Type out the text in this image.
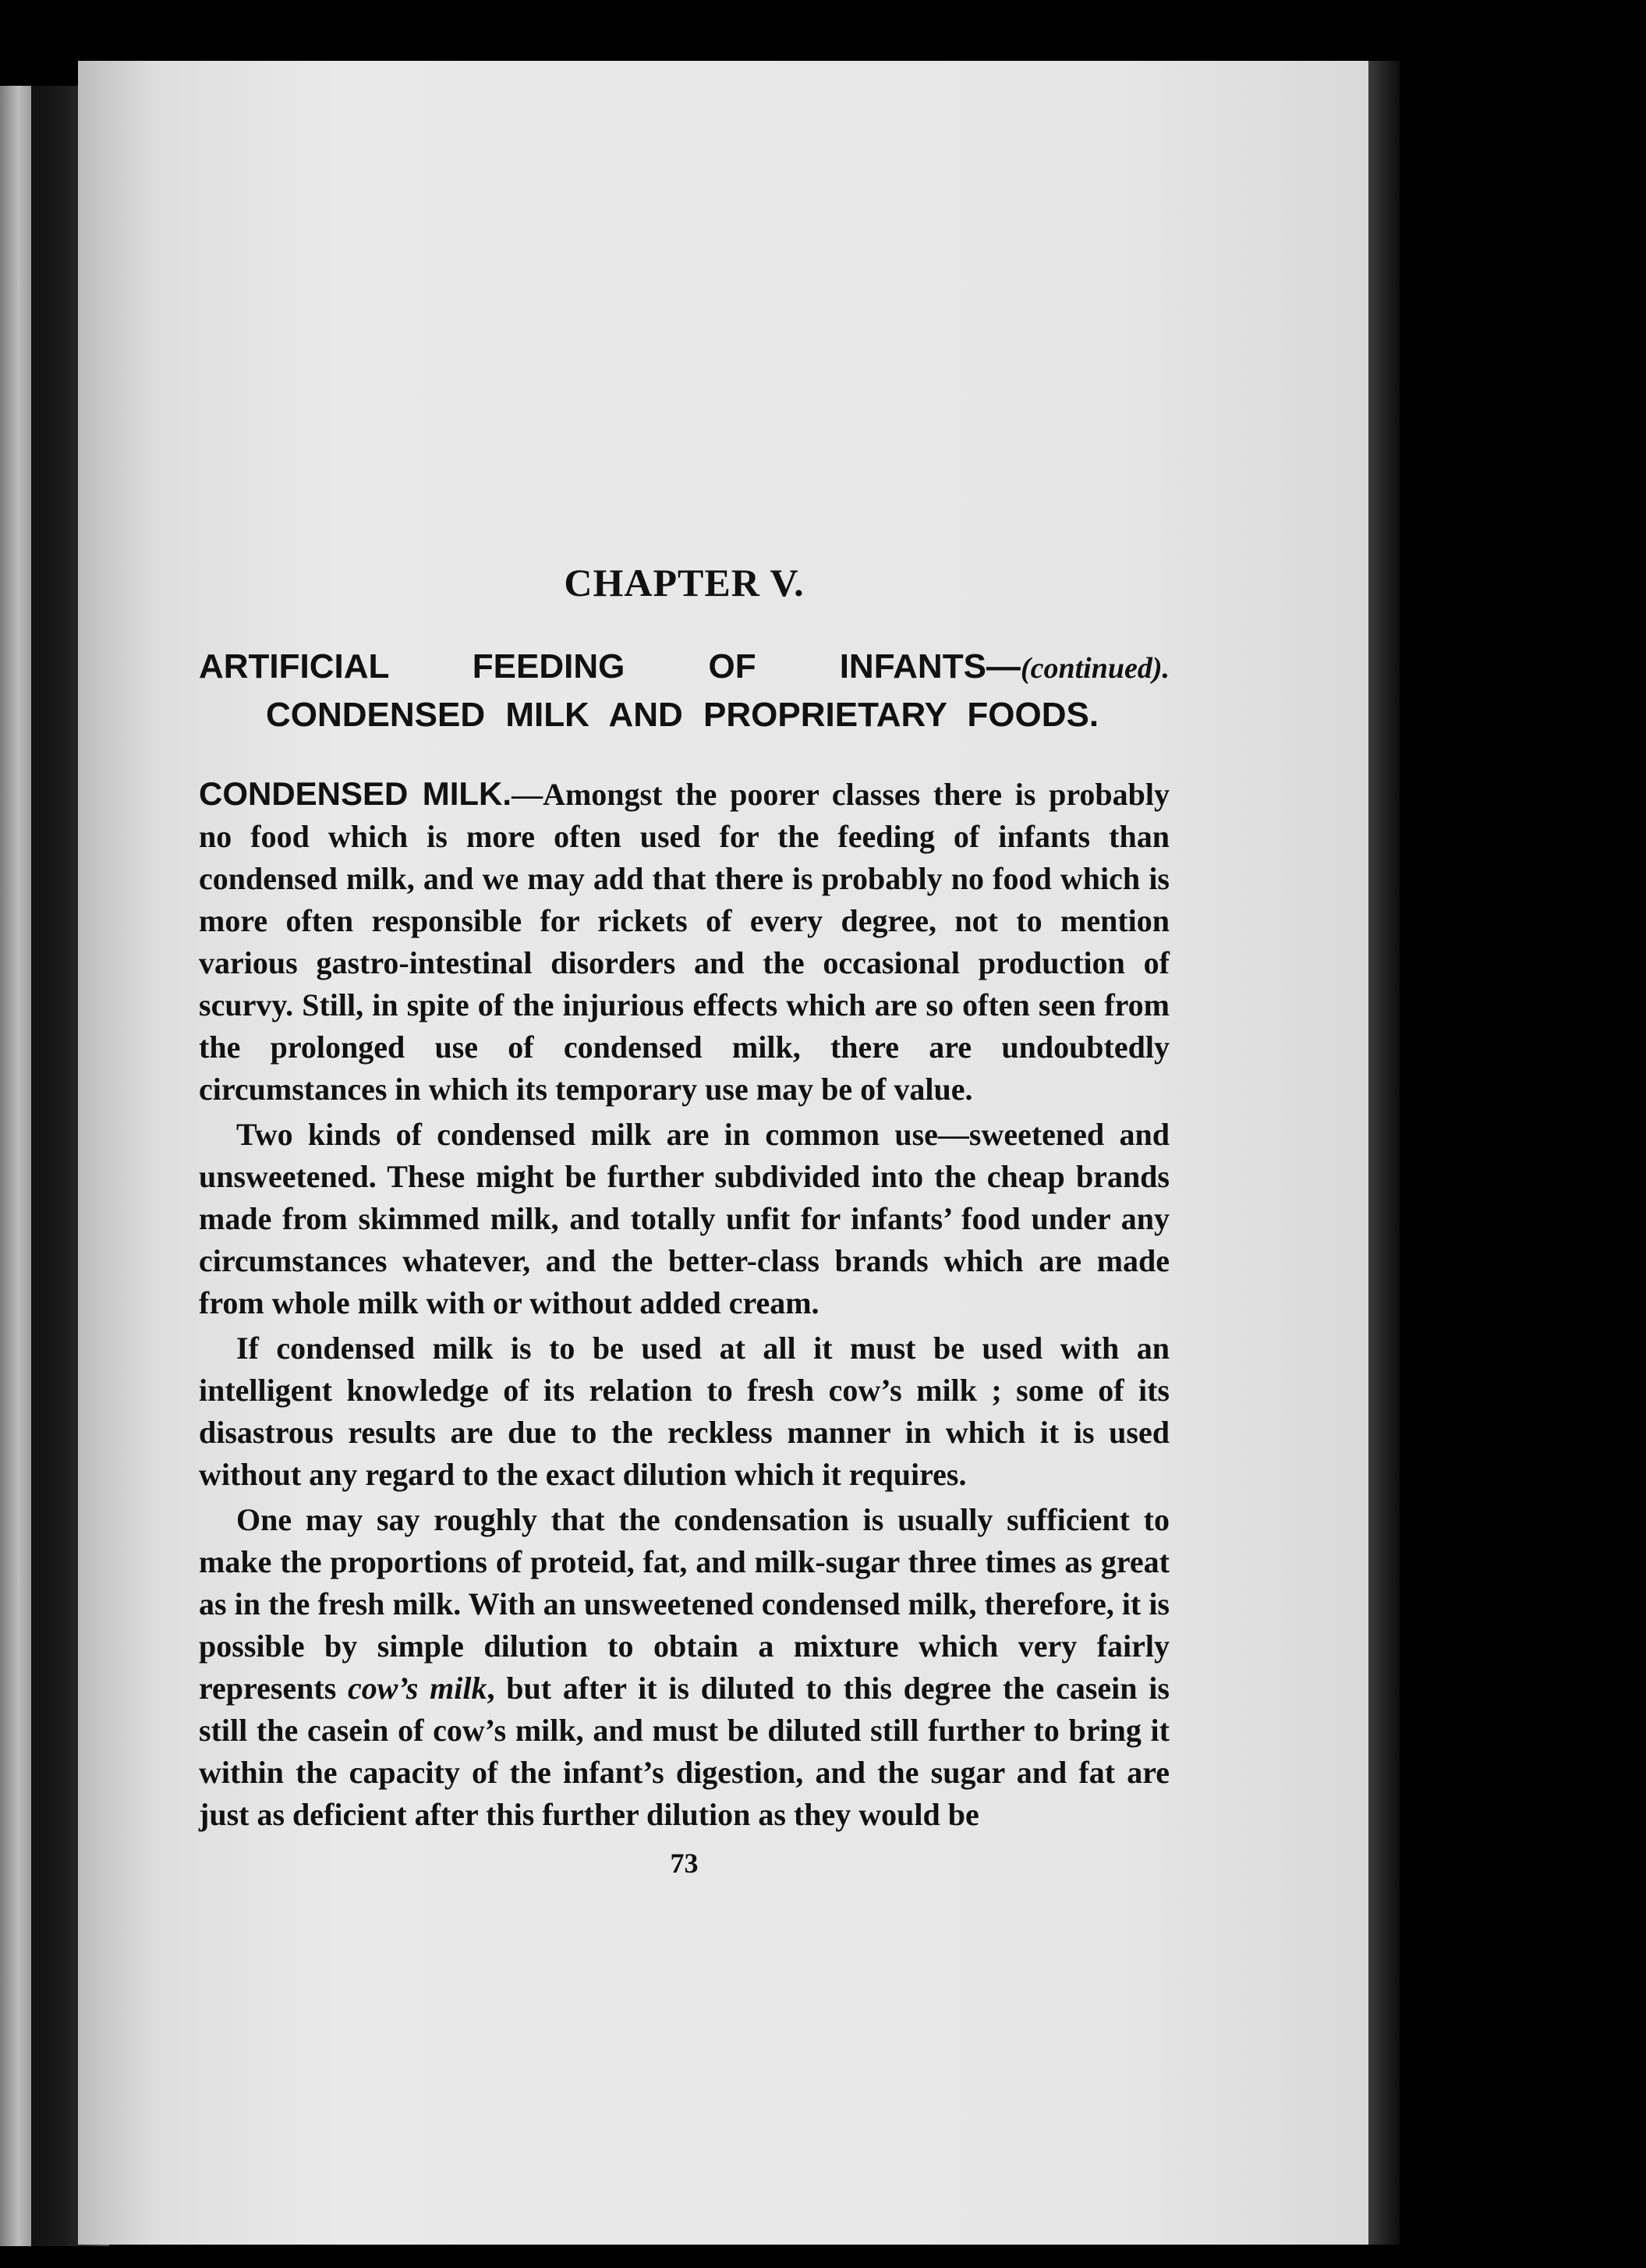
CHAPTER V.
ARTIFICIAL FEEDING OF INFANTS—(continued). CONDENSED MILK AND PROPRIETARY FOODS.

CONDENSED MILK.—Amongst the poorer classes there is probably no food which is more often used for the feeding of infants than condensed milk, and we may add that there is probably no food which is more often responsible for rickets of every degree, not to mention various gastro-intestinal disorders and the occasional production of scurvy. Still, in spite of the injurious effects which are so often seen from the prolonged use of condensed milk, there are undoubtedly circumstances in which its temporary use may be of value.

Two kinds of condensed milk are in common use—sweetened and unsweetened. These might be further subdivided into the cheap brands made from skimmed milk, and totally unfit for infants’ food under any circumstances whatever, and the better-class brands which are made from whole milk with or without added cream.

If condensed milk is to be used at all it must be used with an intelligent knowledge of its relation to fresh cow’s milk ; some of its disastrous results are due to the reckless manner in which it is used without any regard to the exact dilution which it requires.

One may say roughly that the condensation is usually sufficient to make the proportions of proteid, fat, and milk-sugar three times as great as in the fresh milk. With an unsweetened condensed milk, therefore, it is possible by simple dilution to obtain a mixture which very fairly represents cow’s milk, but after it is diluted to this degree the casein is still the casein of cow’s milk, and must be diluted still further to bring it within the capacity of the infant’s digestion, and the sugar and fat are just as deficient after this further dilution as they would be

73
